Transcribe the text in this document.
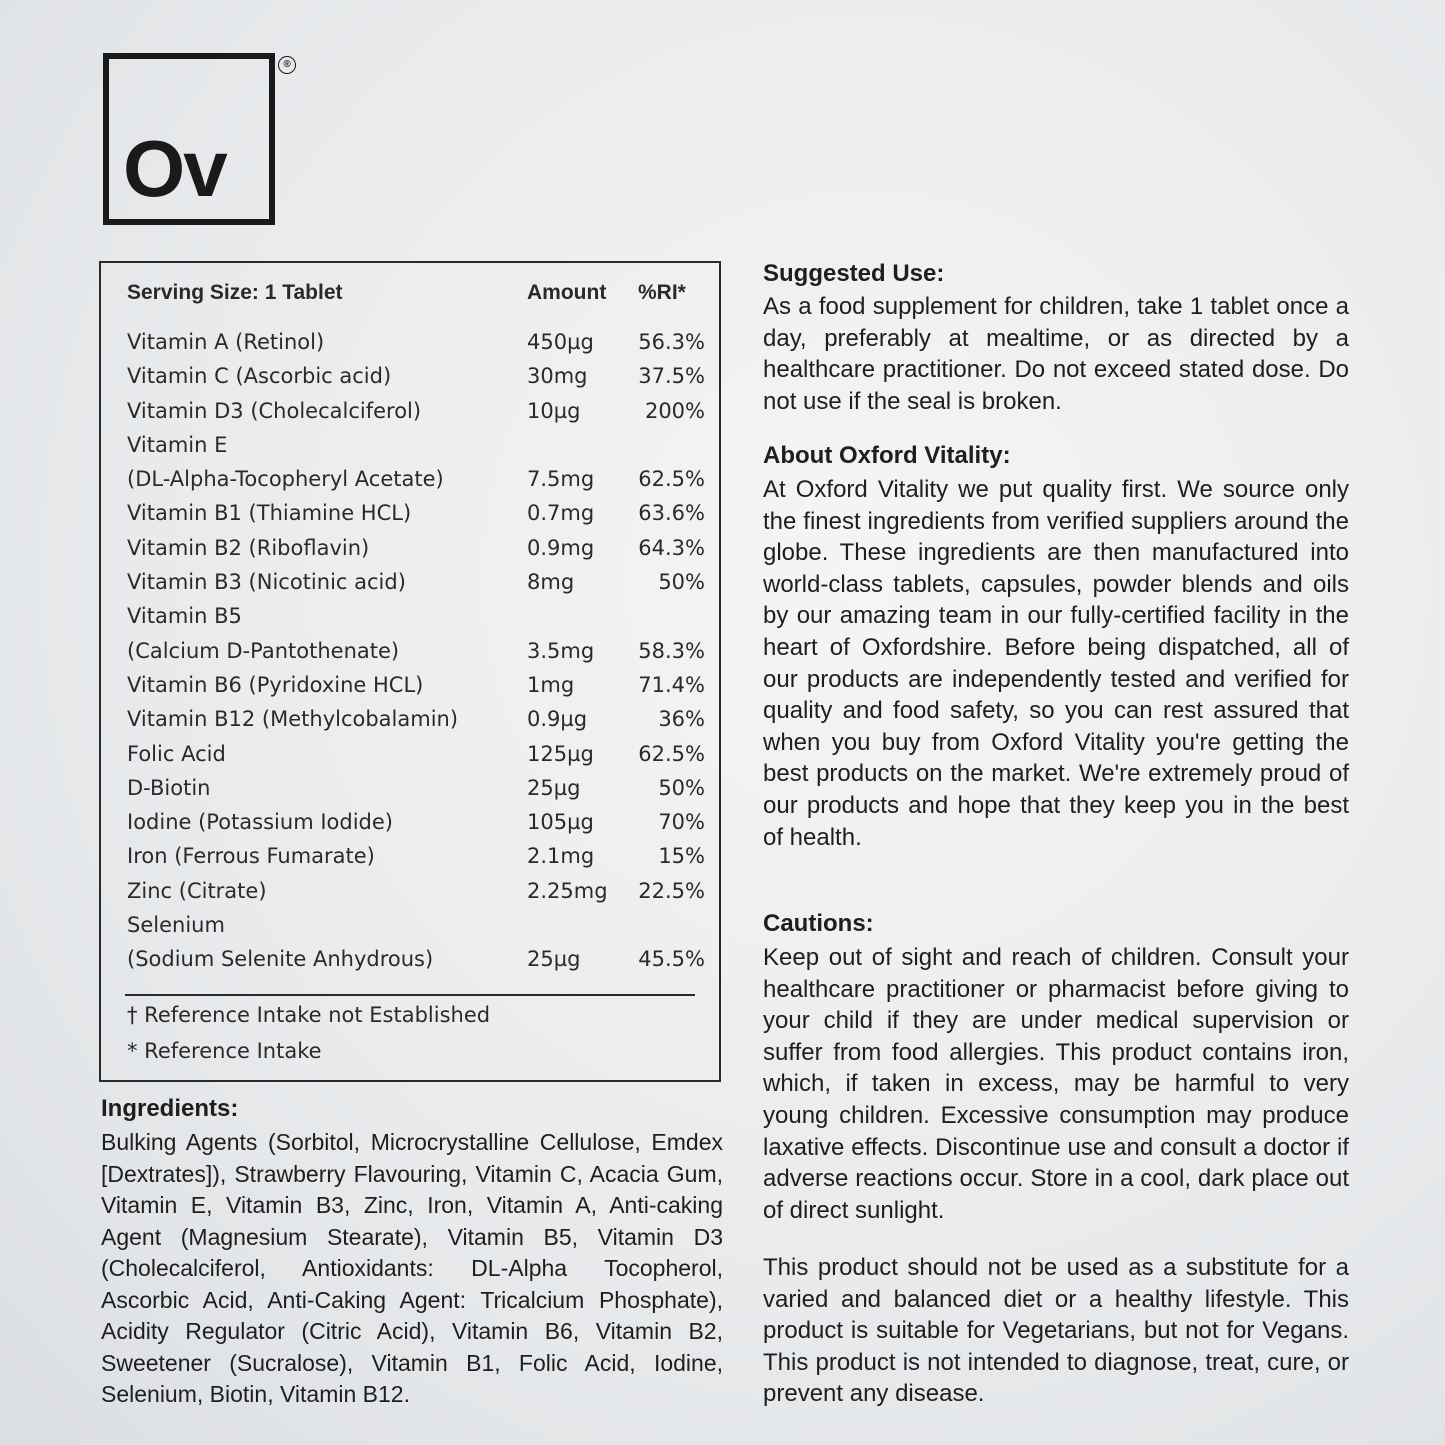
Ov
®
Serving Size: 1 Tablet	Amount %RI*
Vitamin A (Retinol)	450µg 56.3%
Vitamin C (Ascorbic acid)	30mg 37.5%
Vitamin D3 (Cholecalciferol)	10µg	200%
Vitamin E
(DL-Alpha-Tocopheryl Acetate)	7.5mg 62.5%
Vitamin B1 (Thiamine HCL)	0.7mg 63.6%
Vitamin B2 (Riboflavin)	0.9mg 64.3%
Vitamin B3 (Nicotinic acid)	8mg	50%
Vitamin B5
(Calcium D-Pantothenate)	3.5mg 58.3%
Vitamin B6 (Pyridoxine HCL)	1mg	71.4%
Vitamin B12 (Methylcobalamin)	0.9µg	36%
Folic Acid	125µg 62.5%
D-Biotin	25µg	50%
Iodine (Potassium Iodide)	105µg	70%
Iron (Ferrous Fumarate)	2.1mg	15%
Zinc (Citrate)	2.25mg 22.5%
Selenium
(Sodium Selenite Anhydrous)	25µg	45.5%
† Reference Intake not Established
* Reference Intake
Ingredients:

Bulking Agents (Sorbitol, Microcrystalline Cellulose, Emdex [Dextrates]), Strawberry Flavouring, Vitamin C, Acacia Gum, Vitamin E, Vitamin B3, Zinc, Iron, Vitamin A, Anti-caking Agent (Magnesium Stearate), Vitamin B5, Vitamin D3 (Cholecalciferol, Antioxidants: DL-Alpha Tocopherol, Ascorbic Acid, Anti-Caking Agent: Tricalcium Phosphate), Acidity Regulator (Citric Acid), Vitamin B6, Vitamin B2, Sweetener (Sucralose), Vitamin B1, Folic Acid, Iodine, Selenium, Biotin, Vitamin B12.

Suggested Use:

As a food supplement for children, take 1 tablet once a day, preferably at mealtime, or as directed by a healthcare practitioner. Do not exceed stated dose. Do not use if the seal is broken.

About Oxford Vitality:

At Oxford Vitality we put quality first. We source only the finest ingredients from verified suppliers around the globe. These ingredients are then manufactured into world-class tablets, capsules, powder blends and oils by our amazing team in our fully-certified facility in the heart of Oxfordshire. Before being dispatched, all of our products are independently tested and verified for quality and food safety, so you can rest assured that when you buy from Oxford Vitality you're getting the best products on the market. We're extremely proud of our products and hope that they keep you in the best of health.

Cautions:

Keep out of sight and reach of children. Consult your healthcare practitioner or pharmacist before giving to your child if they are under medical supervision or suffer from food allergies. This product contains iron, which, if taken in excess, may be harmful to very young children. Excessive consumption may produce laxative effects. Discontinue use and consult a doctor if adverse reactions occur. Store in a cool, dark place out of direct sunlight.

This product should not be used as a substitute for a varied and balanced diet or a healthy lifestyle. This product is suitable for Vegetarians, but not for Vegans. This product is not intended to diagnose, treat, cure, or prevent any disease.
